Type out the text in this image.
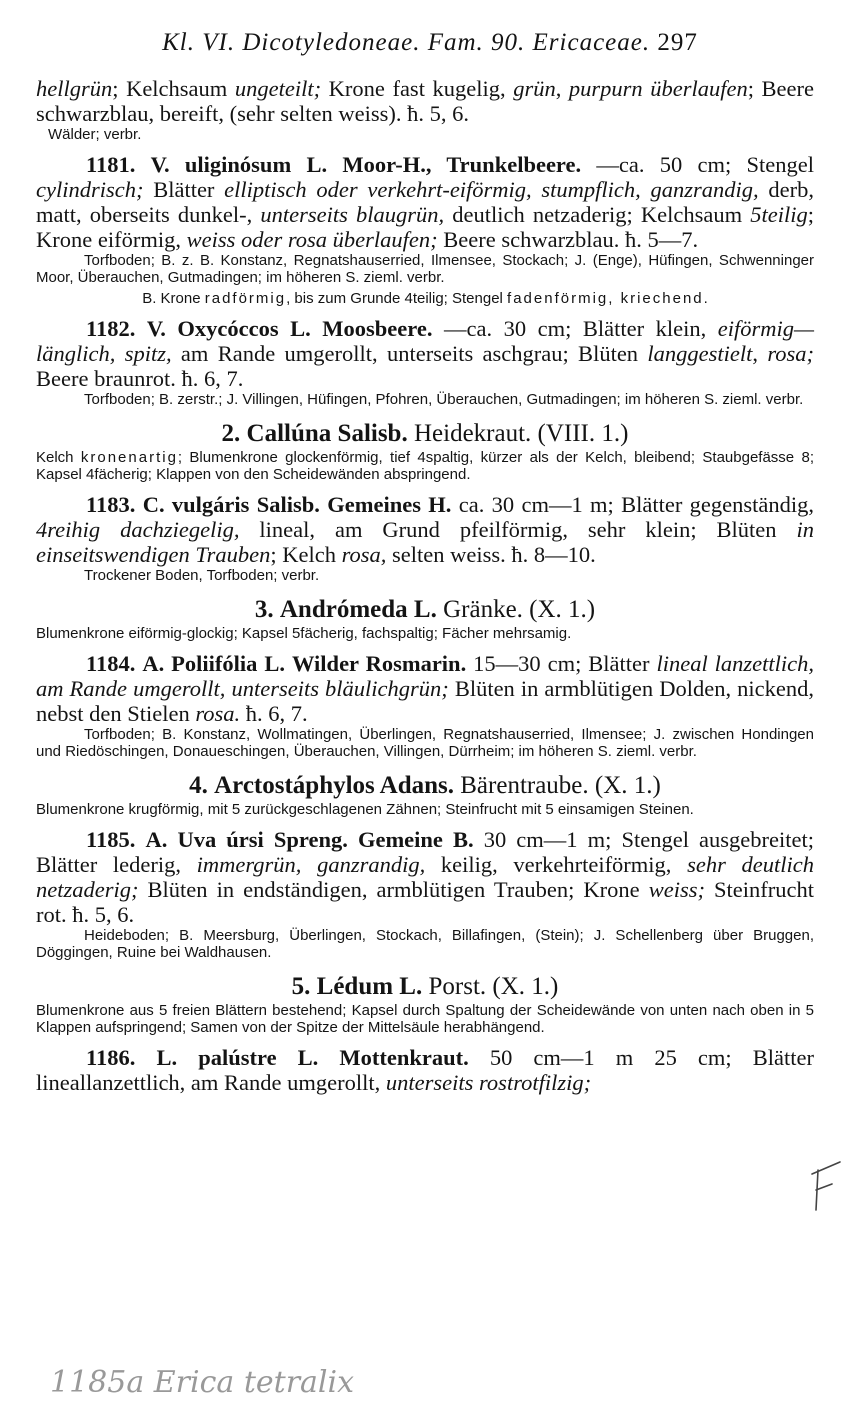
Kl. VI. Dicotyledoneae. Fam. 90. Ericaceae. 297

hellgrün; Kelchsaum ungeteilt; Krone fast kugelig, grün, purpurn überlaufen; Beere schwarzblau, bereift, (sehr selten weiss). ħ. 5, 6.

Wälder; verbr.

1181. V. uliginósum L. Moor-H., Trunkelbeere. —ca. 50 cm; Stengel cylindrisch; Blätter elliptisch oder verkehrt-eiförmig, stumpflich, ganzrandig, derb, matt, oberseits dunkel-, unterseits blaugrün, deutlich netzaderig; Kelchsaum 5teilig; Krone eiförmig, weiss oder rosa überlaufen; Beere schwarzblau. ħ. 5—7.

Torfboden; B. z. B. Konstanz, Regnatshauserried, Ilmensee, Stockach; J. (Enge), Hüfingen, Schwenninger Moor, Überauchen, Gutmadingen; im höheren S. zieml. verbr.

B. Krone radförmig, bis zum Grunde 4teilig; Stengel fadenförmig, kriechend.

1182. V. Oxycóccos L. Moosbeere. —ca. 30 cm; Blätter klein, eiförmig—länglich, spitz, am Rande umgerollt, unterseits aschgrau; Blüten langgestielt, rosa; Beere braunrot. ħ. 6, 7.

Torfboden; B. zerstr.; J. Villingen, Hüfingen, Pfohren, Überauchen, Gutmadingen; im höheren S. zieml. verbr.

2. Callúna Salisb. Heidekraut. (VIII. 1.)

Kelch kronenartig; Blumenkrone glockenförmig, tief 4spaltig, kürzer als der Kelch, bleibend; Staubgefässe 8; Kapsel 4fächerig; Klappen von den Scheidewänden abspringend.

1183. C. vulgáris Salisb. Gemeines H. ca. 30 cm—1 m; Blätter gegenständig, 4reihig dachziegelig, lineal, am Grund pfeilförmig, sehr klein; Blüten in einseitswendigen Trauben; Kelch rosa, selten weiss. ħ. 8—10.

Trockener Boden, Torfboden; verbr.

3. Andrómeda L. Gränke. (X. 1.)

Blumenkrone eiförmig-glockig; Kapsel 5fächerig, fachspaltig; Fächer mehrsamig.

1184. A. Poliifólia L. Wilder Rosmarin. 15—30 cm; Blätter lineal lanzettlich, am Rande umgerollt, unterseits bläulichgrün; Blüten in armblütigen Dolden, nickend, nebst den Stielen rosa. ħ. 6, 7.

Torfboden; B. Konstanz, Wollmatingen, Überlingen, Regnatshauserried, Ilmensee; J. zwischen Hondingen und Riedöschingen, Donaueschingen, Überauchen, Villingen, Dürrheim; im höheren S. zieml. verbr.

4. Arctostáphylos Adans. Bärentraube. (X. 1.)

Blumenkrone krugförmig, mit 5 zurückgeschlagenen Zähnen; Steinfrucht mit 5 einsamigen Steinen.

1185. A. Uva úrsi Spreng. Gemeine B. 30 cm—1 m; Stengel ausgebreitet; Blätter lederig, immergrün, ganzrandig, keilig, verkehrteiförmig, sehr deutlich netzaderig; Blüten in endständigen, armblütigen Trauben; Krone weiss; Steinfrucht rot. ħ. 5, 6.

Heideboden; B. Meersburg, Überlingen, Stockach, Billafingen, (Stein); J. Schellenberg über Bruggen, Döggingen, Ruine bei Waldhausen.

5. Lédum L. Porst. (X. 1.)

Blumenkrone aus 5 freien Blättern bestehend; Kapsel durch Spaltung der Scheidewände von unten nach oben in 5 Klappen aufspringend; Samen von der Spitze der Mittelsäule herabhängend.

1186. L. palústre L. Mottenkraut. 50 cm—1 m 25 cm; Blätter lineallanzettlich, am Rande umgerollt, unterseits rostrotfilzig;

1185a Erica tetralix
